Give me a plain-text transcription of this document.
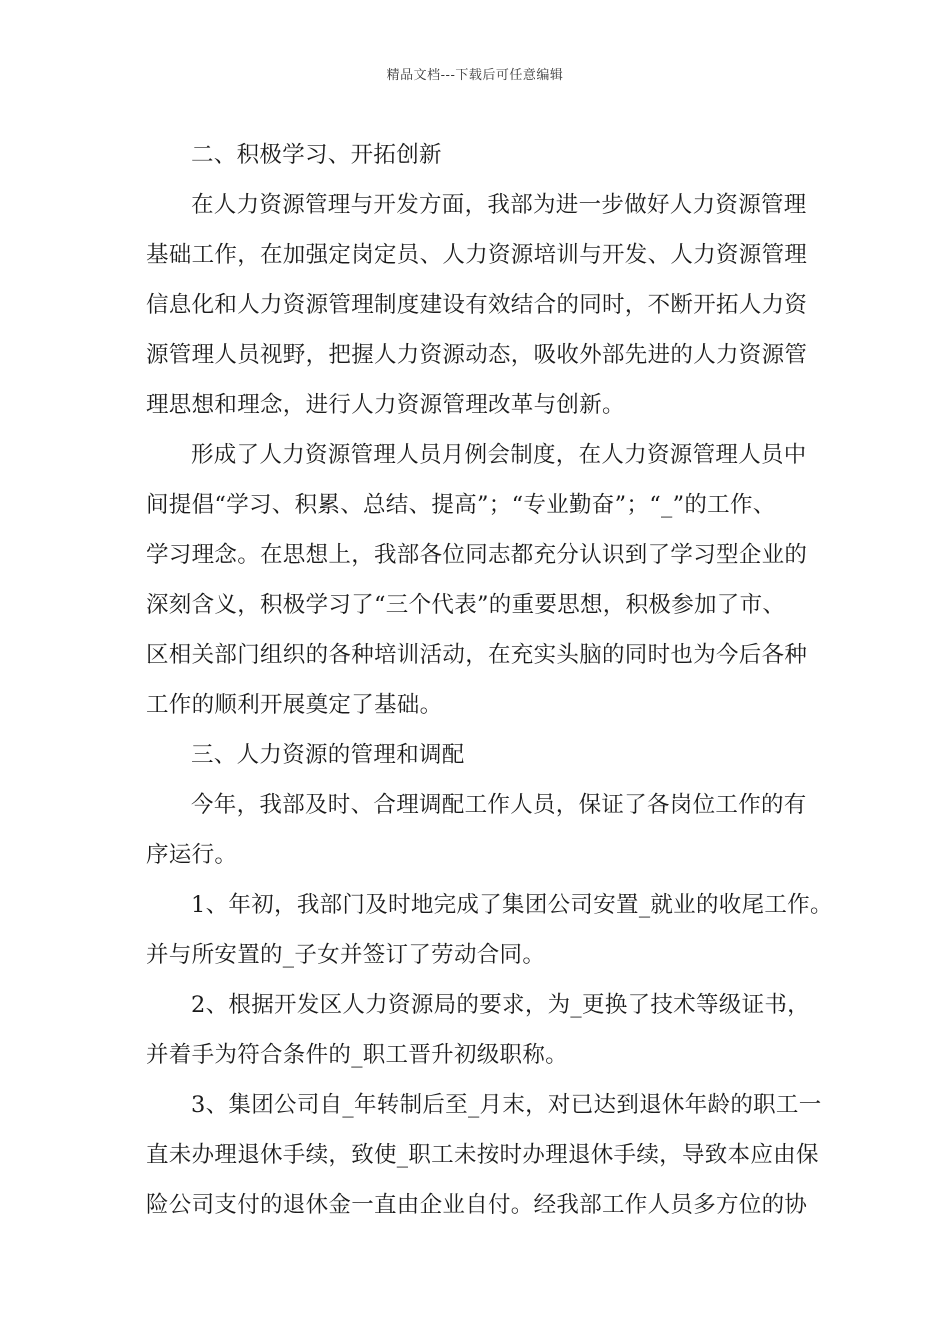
精品文档---下载后可任意编辑
二、积极学习、开拓创新
在人力资源管理与开发方面，我部为进一步做好人力资源管理
基础工作，在加强定岗定员、人力资源培训与开发、人力资源管理
信息化和人力资源管理制度建设有效结合的同时，不断开拓人力资
源管理人员视野，把握人力资源动态，吸收外部先进的人力资源管
理思想和理念，进行人力资源管理改革与创新。
形成了人力资源管理人员月例会制度，在人力资源管理人员中
间提倡“学习、积累、总结、提高”；“专业勤奋”；“_”的工作、
学习理念。在思想上，我部各位同志都充分认识到了学习型企业的
深刻含义，积极学习了“三个代表”的重要思想，积极参加了市、
区相关部门组织的各种培训活动，在充实头脑的同时也为今后各种
工作的顺利开展奠定了基础。
三、人力资源的管理和调配
今年，我部及时、合理调配工作人员，保证了各岗位工作的有
序运行。
1、年初，我部门及时地完成了集团公司安置_就业的收尾工作。
并与所安置的_子女并签订了劳动合同。
2、根据开发区人力资源局的要求，为_更换了技术等级证书，
并着手为符合条件的_职工晋升初级职称。
3、集团公司自_年转制后至_月末，对已达到退休年龄的职工一
直未办理退休手续，致使_职工未按时办理退休手续，导致本应由保
险公司支付的退休金一直由企业自付。经我部工作人员多方位的协
